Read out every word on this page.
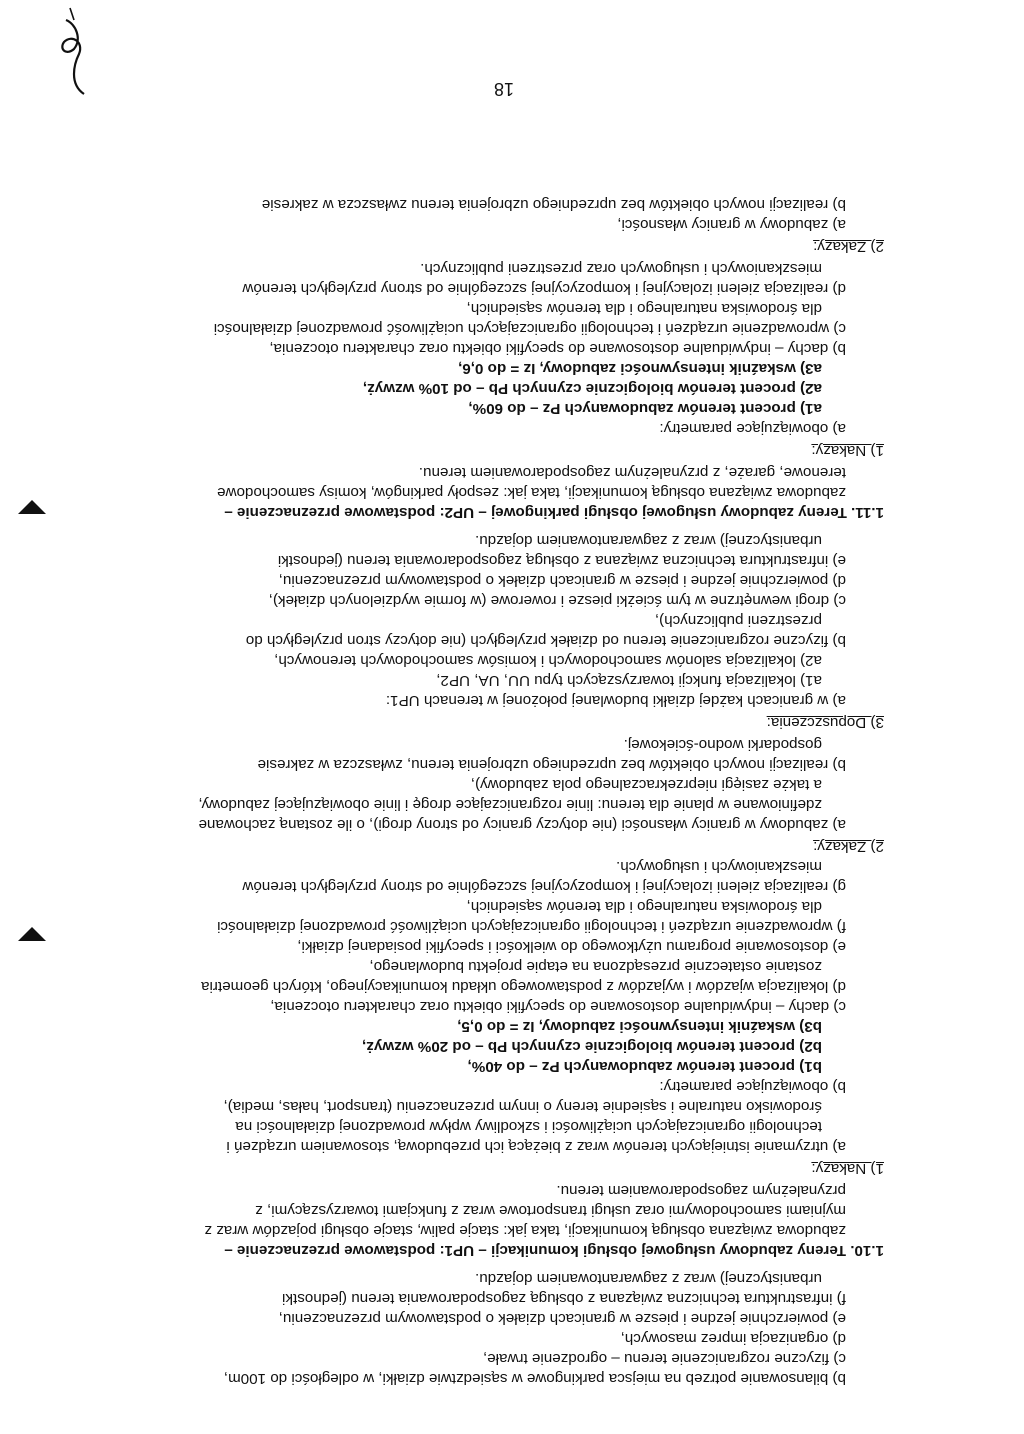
b) bilansowanie potrzeb na miejsca parkingowe w sąsiedztwie działki, w odległości do 100m,
c) fizyczne rozgraniczenie terenu – ogrodzenie trwałe,
d) organizacja imprez masowych,
e) powierzchnie jezdne i piesze w granicach działek o podstawowym przeznaczeniu,
f) infrastruktura techniczna związana z obsługą zagospodarowania terenu (jednostki
urbanistycznej) wraz z zagwarantowaniem dojazdu.
1.10. Tereny zabudowy usługowej obsługi komunikacji – UP1: podstawowe przeznaczenie –
zabudowa związana obsługą komunikacji, taka jak: stacje paliw, stacje obsługi pojazdów wraz z
myjniami samochodowymi oraz usługi transportowe wraz z funkcjami towarzyszącymi, z
przynależnym zagospodarowaniem terenu.
1) Nakazy:
a) utrzymanie istniejących terenów wraz z bieżącą ich przebudową, stosowaniem urządzeń i
technologii ograniczających uciążliwości i szkodliwy wpływ prowadzonej działalności na
środowisko naturalne i sąsiednie tereny o innym przeznaczeniu (transport, hałas, media),
b) obowiązujące parametry:
b1) procent terenów zabudowanych Pz – do 40%,
b2) procent terenów biologicznie czynnych Pb – od 20% wzwyż,
b3) wskaźnik intensywności zabudowy, Iz = do 0,5,
c) dachy – indywidualne dostosowane do specyfiki obiektu oraz charakteru otoczenia,
d) lokalizacja wjazdów i wyjazdów z podstawowego układu komunikacyjnego, których geometria
zostanie ostatecznie przesądzona na etapie projektu budowlanego,
e) dostosowanie programu użytkowego do wielkości i specyfiki posiadanej działki,
f) wprowadzenie urządzeń i technologii ograniczających uciążliwość prowadzonej działalności
dla środowiska naturalnego i dla terenów sąsiednich,
g) realizacja zieleni izolacyjnej i kompozycyjnej szczególnie od strony przyległych terenów
mieszkaniowych i usługowych.
2) Zakazy:
a) zabudowy w granicy własności (nie dotyczy granicy od strony drogi), o ile zostaną zachowane
zdefiniowane w planie dla terenu: linie rozgraniczające drogę i linie obowiązującej zabudowy,
a także zasięgi nieprzekraczalnego pola zabudowy),
b) realizacji nowych obiektów bez uprzedniego uzbrojenia terenu, zwłaszcza w zakresie
gospodarki wodno-ściekowej.
3) Dopuszczenia:
a) w granicach każdej działki budowlanej położonej w terenach UP1:
a1) lokalizacja funkcji towarzyszących typu UU, UA, UP2,
a2) lokalizacja salonów samochodowych i komisów samochodowych terenowych,
b) fizyczne rozgraniczenie terenu od działek przyległych (nie dotyczy stron przyległych do
przestrzeni publicznych),
c) drogi wewnętrzne w tym ścieżki piesze i rowerowe (w formie wydzielonych działek),
d) powierzchnie jezdne i piesze w granicach działek o podstawowym przeznaczeniu,
e) infrastruktura techniczna związana z obsługą zagospodarowania terenu (jednostki
urbanistycznej) wraz z zagwarantowaniem dojazdu.
1.11. Tereny zabudowy usługowej obsługi parkingowej – UP2: podstawowe przeznaczenie –
zabudowa związana obsługą komunikacji, taka jak: zespoły parkingów, komisy samochodowe
terenowe, garaże, z przynależnym zagospodarowaniem terenu.
1) Nakazy:
a) obowiązujące parametry:
a1) procent terenów zabudowanych Pz – do 60%,
a2) procent terenów biologicznie czynnych Pb – od 10% wzwyż,
a3) wskaźnik intensywności zabudowy, Iz = do 0,6,
b) dachy – indywidualne dostosowane do specyfiki obiektu oraz charakteru otoczenia,
c) wprowadzenie urządzeń i technologii ograniczających uciążliwość prowadzonej działalności
dla środowiska naturalnego i dla terenów sąsiednich,
d) realizacja zieleni izolacyjnej i kompozycyjnej szczególnie od strony przyległych terenów
mieszkaniowych i usługowych oraz przestrzeni publicznych.
2) Zakazy:
a) zabudowy w granicy własności,
b) realizacji nowych obiektów bez uprzedniego uzbrojenia terenu zwłaszcza w zakresie
18
